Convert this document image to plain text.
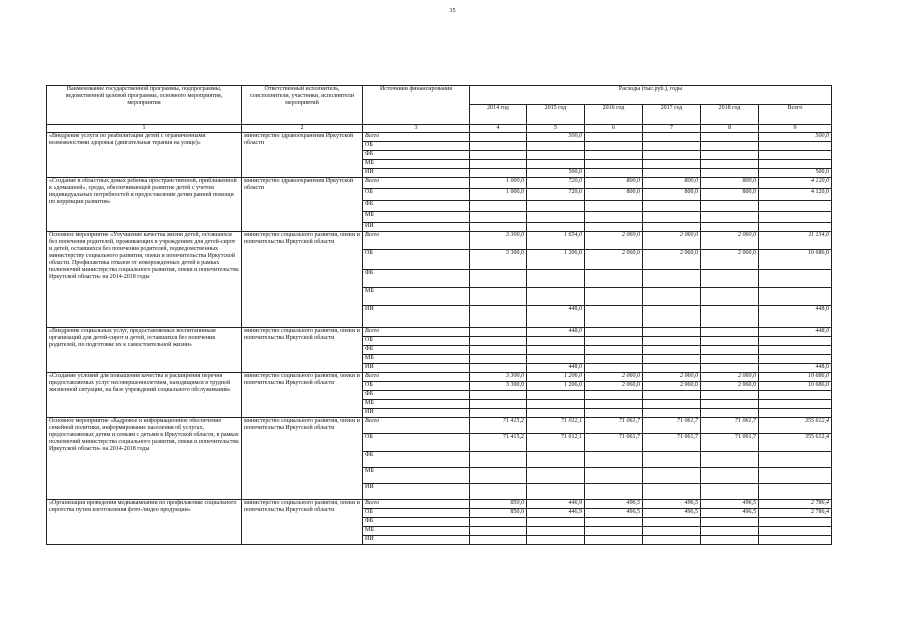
35
Наименование государственной программы, подпрограммы, ведомственной целевой программы, основного мероприятия, мероприятия	Ответственный исполнитель, соисполнители, участники, исполнители мероприятий	Источники финансирования	Расходы (тыс.руб.), годы					
			2014 год	2015 год	2016 год	2017 год	2018 год	Всего
1	2	3	4	5	6	7	8	9
«Внедрение услуги по реабилитации детей с ограниченными возможностями здоровья (двигательная терапия на улице)»	министерство здравоохранения Иркутской области	Всего		500,0				500,0
		ОБ						
		ФБ						
		МБ						
		ИИ		500,0				500,0
«Создание в областных домах ребенка пространственной, приближенной к «домашней», среды, обеспечивающей развитие детей с учетом индивидуальных потребностей и предоставление детям ранней помощи по коррекции развития»	министерство здравоохранения Иркутской области	Всего	1 000,0	720,0	800,0	800,0	800,0	4 120,0
		ОБ	1 000,0	720,0	800,0	800,0	800,0	4 120,0
		ФБ						
		МБ						
		ИИ						
Основное мероприятие «Улучшение качества жизни детей, оставшихся без попечения родителей, проживающих в учреждениях для детей-сирот и детей, оставшихся без попечения родителей, подведомственных министерству социального развития, опеки и попечительства Иркутской области. Профилактика отказов от новорожденных детей в рамках полномочий министерства социального развития, опеки и попечительства Иркутской области» на 2014-2018 годы	министерство социального развития, опеки и попечительства Иркутской области	Всего	3 300,0	1 654,0	2 060,0	2 060,0	2 060,0	11 134,0
		ОБ	3 300,0	1 206,0	2 060,0	2 060,0	2 060,0	10 686,0
		ФБ						
		МБ						
		ИИ		448,0				448,0
«Внедрение социальных услуг, предоставляемых воспитанникам организаций для детей-сирот и детей, оставшихся без попечения родителей, по подготовке их к самостоятельной жизни»	министерство социального развития, опеки и попечительства Иркутской области	Всего		448,0				448,0
		ОБ						
		ФБ						
		МБ						
		ИИ		448,0				448,0
«Создание условий для повышения качества и расширения перечня предоставляемых услуг несовершеннолетним, находящимся в трудной жизненной ситуации, на базе учреждений социального обслуживания»	министерство социального развития, опеки и попечительства Иркутской области	Всего	3 300,0	1 206,0	2 060,0	2 060,0	2 060,0	10 686,0
		ОБ	3 300,0	1 206,0	2 060,0	2 060,0	2 060,0	10 686,0
		ФБ						
		МБ						
		ИИ						
Основное мероприятие «Кадровое и информационное обеспечение семейной политики, информирование населения об услугах, предоставляемых детям и семьям с детьми в Иркутской области, в рамках полномочий министерства социального развития, опеки и попечительства Иркутской области» на 2014-2018 годы	министерство социального развития, опеки и попечительства Иркутской области	Всего	71 415,2	71 012,1	71 061,7	71 061,7	71 061,7	355 612,4
		ОБ	71 415,2	71 012,1	71 061,7	71 061,7	71 061,7	355 612,4
		ФБ						
		МБ						
		ИИ						
«Организация проведения медиакампании по профилактике социального сиротства путем изготовления фото-/видео продукции»	министерство социального развития, опеки и попечительства Иркутской области	Всего	850,0	446,9	496,5	496,5	496,5	2 786,4
		ОБ	850,0	446,9	496,5	496,5	496,5	2 786,4
		ФБ						
		МБ						
		ИИ						
